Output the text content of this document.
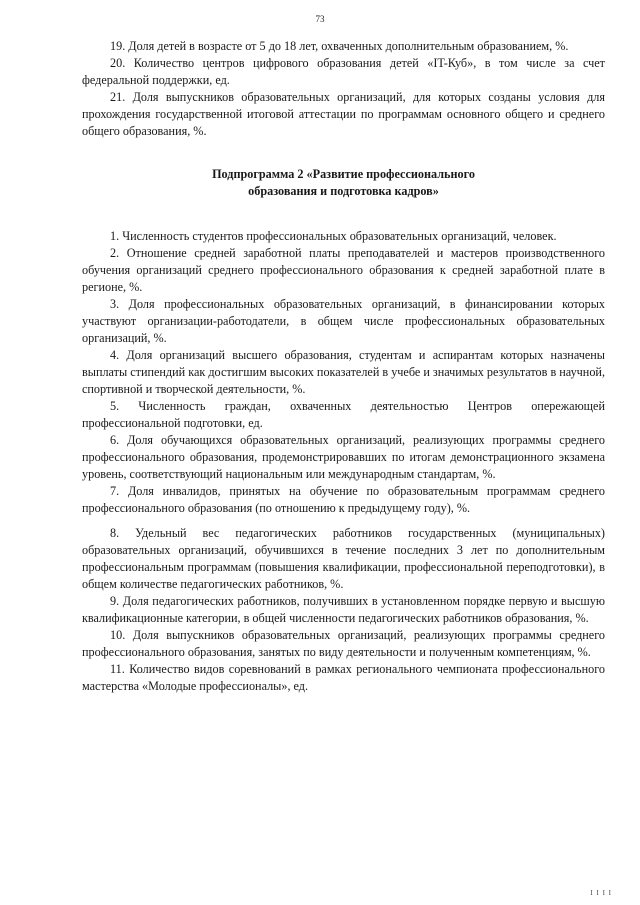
73

19. Доля детей в возрасте от 5 до 18 лет, охваченных дополнительным образованием, %.

20. Количество центров цифрового образования детей «IT-Куб», в том числе за счет федеральной поддержки, ед.

21. Доля выпускников образовательных организаций, для которых созданы условия для прохождения государственной итоговой аттестации по программам основного общего и среднего общего образования, %.

Подпрограмма 2 «Развитие профессионального
образования и подготовка кадров»

1. Численность студентов профессиональных образовательных организаций, человек.

2. Отношение средней заработной платы преподавателей и мастеров производственного обучения организаций среднего профессионального образования к средней заработной плате в регионе, %.

3. Доля профессиональных образовательных организаций, в финансировании которых участвуют организации-работодатели, в общем числе профессиональных образовательных организаций, %.

4. Доля организаций высшего образования, студентам и аспирантам которых назначены выплаты стипендий как достигшим высоких показателей в учебе и значимых результатов в научной, спортивной и творческой деятельности, %.

5. Численность граждан, охваченных деятельностью Центров опережающей профессиональной подготовки, ед.

6. Доля обучающихся образовательных организаций, реализующих программы среднего профессионального образования, продемонстрировавших по итогам демонстрационного экзамена уровень, соответствующий национальным или международным стандартам, %.

7. Доля инвалидов, принятых на обучение по образовательным программам среднего профессионального образования (по отношению к предыдущему году), %.

8. Удельный вес педагогических работников государственных (муниципальных) образовательных организаций, обучившихся в течение последних 3 лет по дополнительным профессиональным программам (повышения квалификации, профессиональной переподготовки), в общем количестве педагогических работников, %.

9. Доля педагогических работников, получивших в установленном порядке первую и высшую квалификационные категории, в общей численности педагогических работников образования, %.

10. Доля выпускников образовательных организаций, реализующих программы среднего профессионального образования, занятых по виду деятельности и полученным компетенциям, %.

11. Количество видов соревнований в рамках регионального чемпионата профессионального мастерства «Молодые профессионалы», ед.

I I I I
